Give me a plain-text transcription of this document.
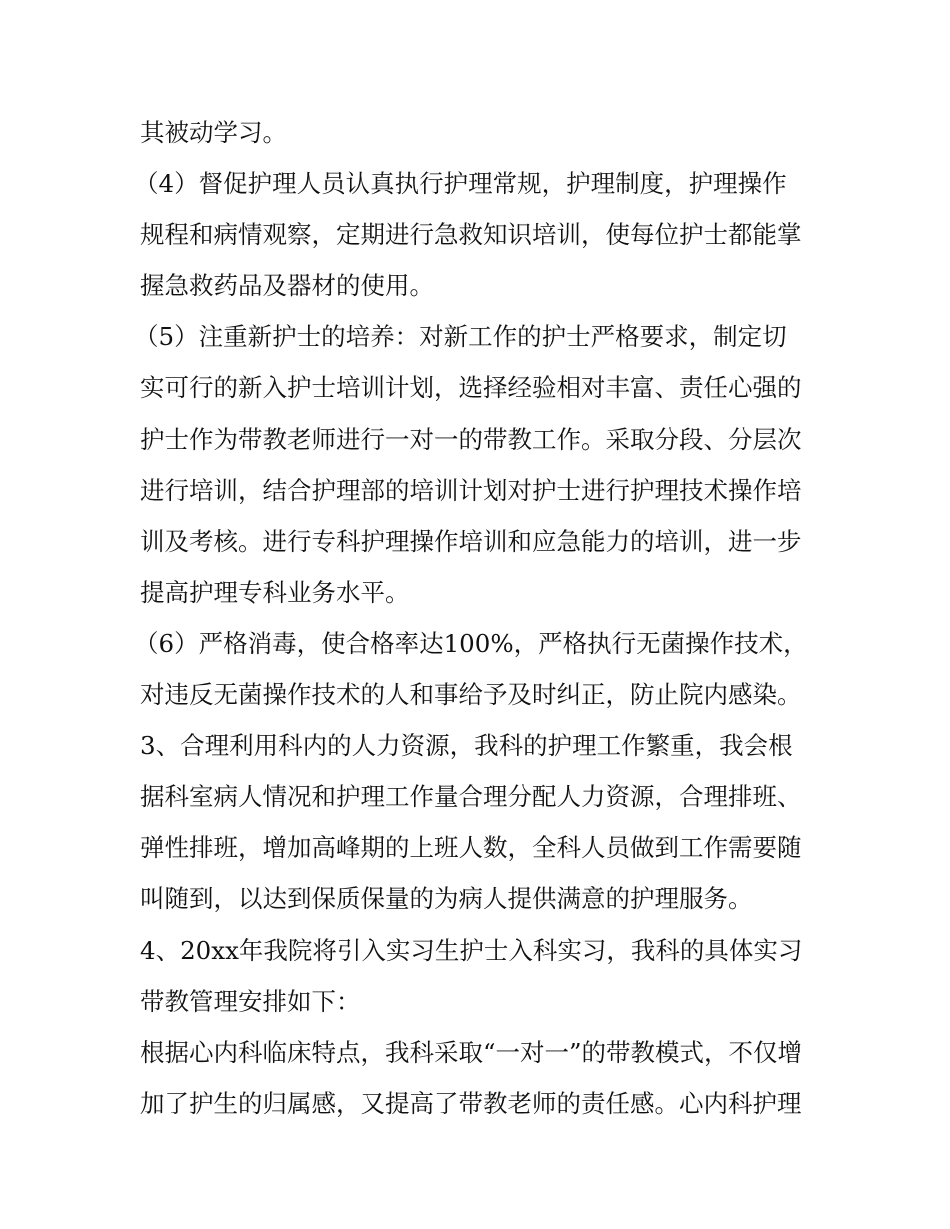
其被动学习。
（4）督促护理人员认真执行护理常规，护理制度，护理操作
规程和病情观察，定期进行急救知识培训，使每位护士都能掌
握急救药品及器材的使用。
（5）注重新护士的培养：对新工作的护士严格要求，制定切
实可行的新入护士培训计划，选择经验相对丰富、责任心强的
护士作为带教老师进行一对一的带教工作。采取分段、分层次
进行培训，结合护理部的培训计划对护士进行护理技术操作培
训及考核。进行专科护理操作培训和应急能力的培训，进一步
提高护理专科业务水平。
（6）严格消毒，使合格率达100%，严格执行无菌操作技术，
对违反无菌操作技术的人和事给予及时纠正，防止院内感染。
3、合理利用科内的人力资源，我科的护理工作繁重，我会根
据科室病人情况和护理工作量合理分配人力资源，合理排班、
弹性排班，增加高峰期的上班人数，全科人员做到工作需要随
叫随到，以达到保质保量的为病人提供满意的护理服务。
4、20xx年我院将引入实习生护士入科实习，我科的具体实习
带教管理安排如下：
根据心内科临床特点，我科采取“一对一”的带教模式，不仅增
加了护生的归属感，又提高了带教老师的责任感。心内科护理
